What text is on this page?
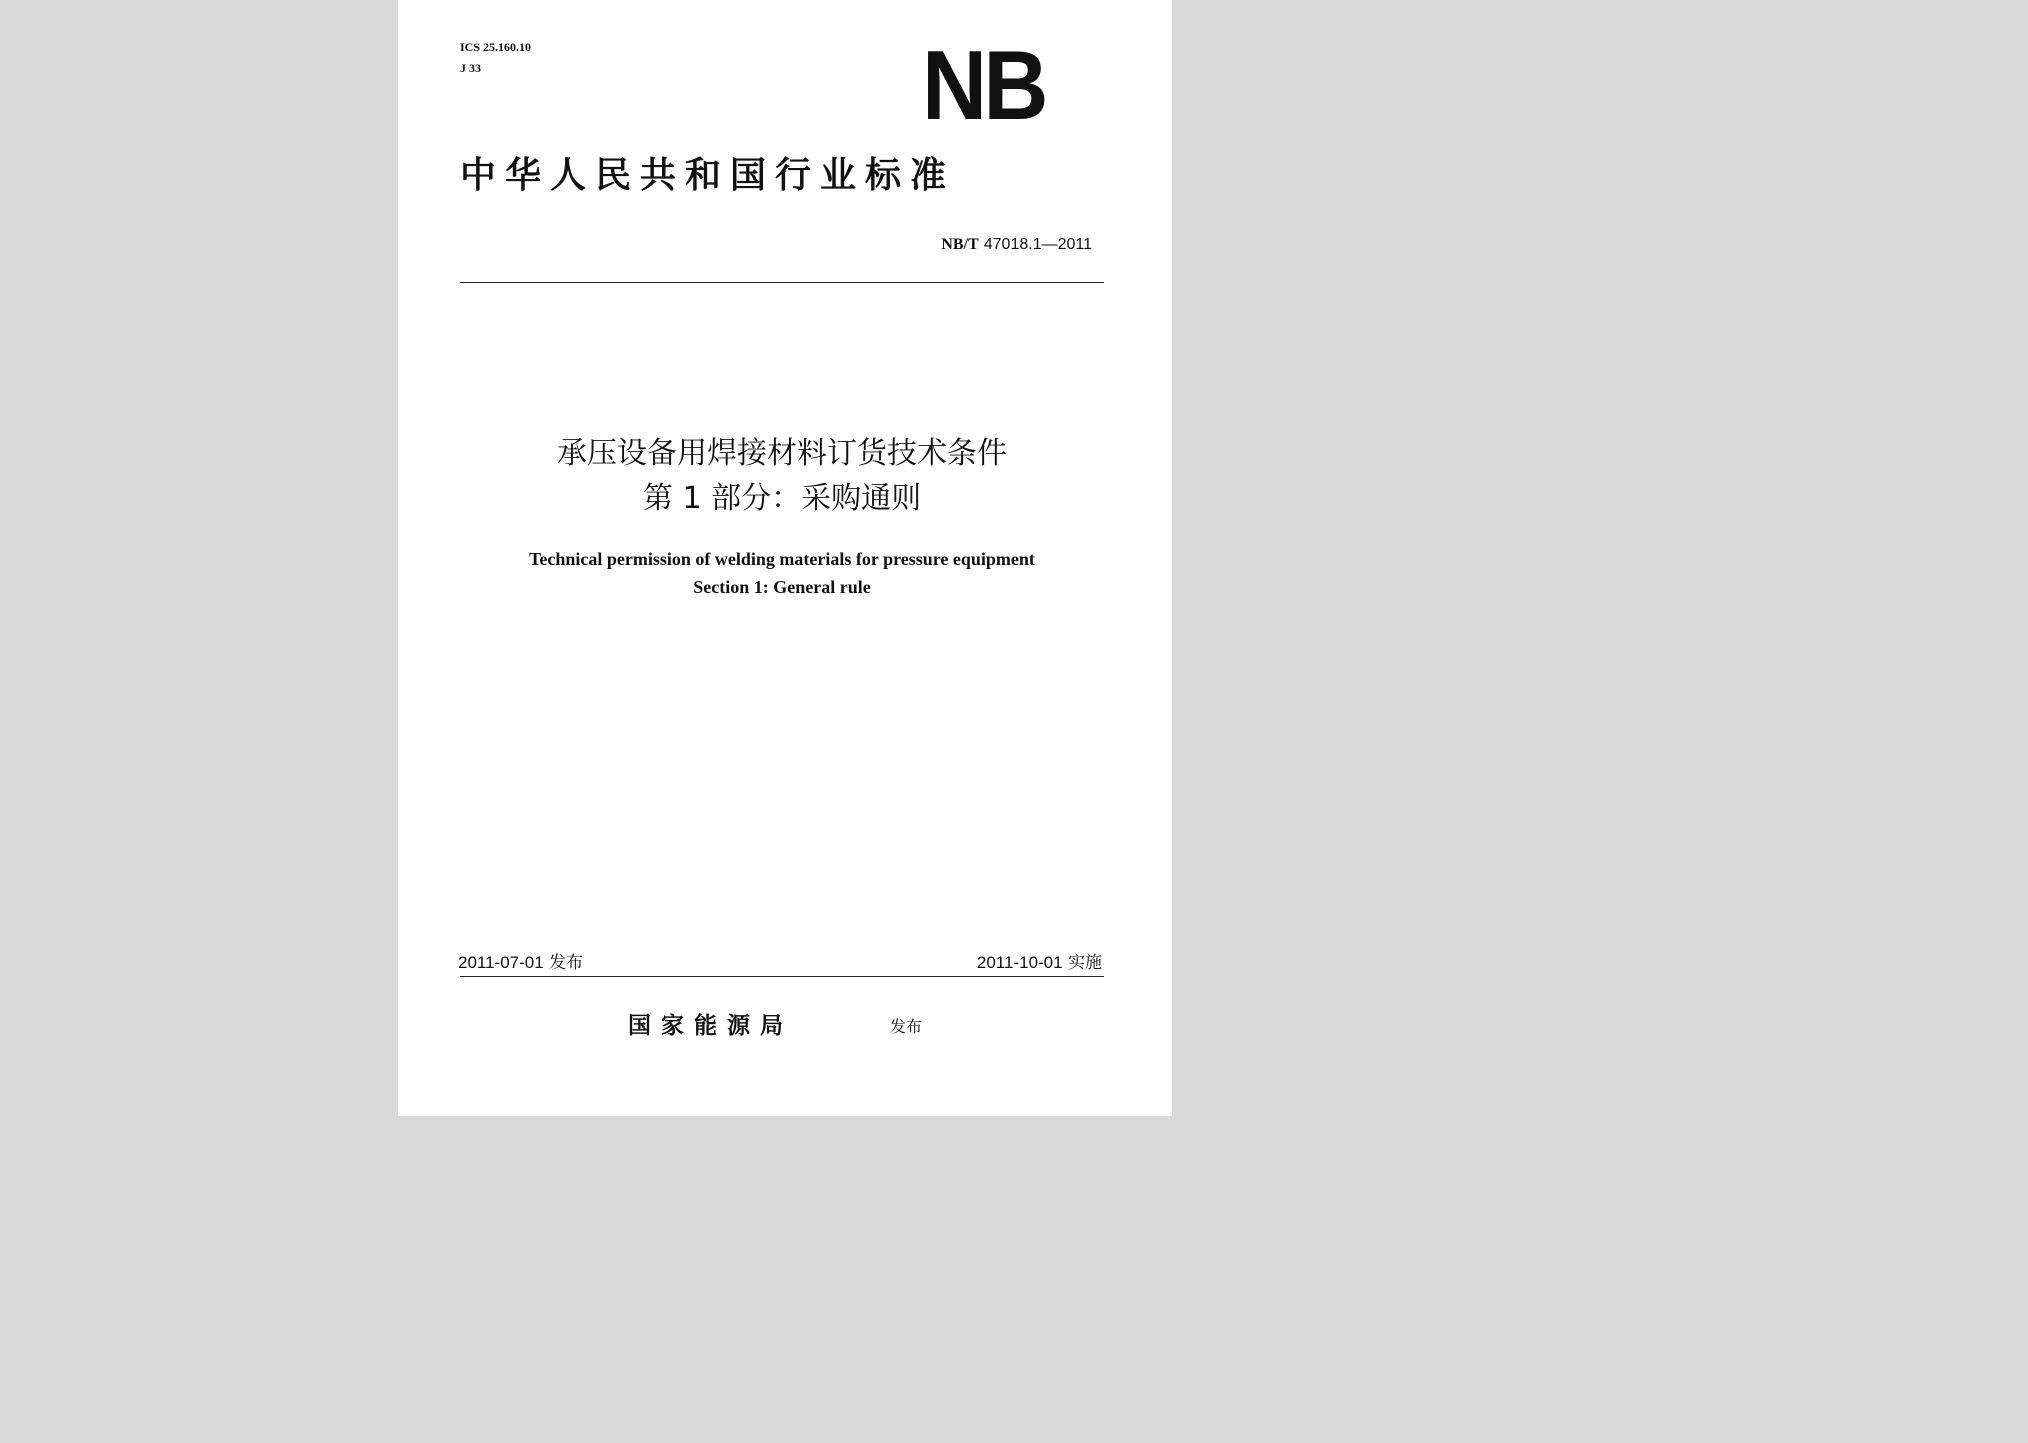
ICS 25.160.10
J 33	NB
中华人民共和国行业标准
NB/T 47018.1—2011
承压设备用焊接材料订货技术条件
第 1 部分：采购通则
Technical permission of welding materials for pressure equipment
Section 1: General rule
2011-07-01 发布	2011-10-01 实施
国家能源局	发布
